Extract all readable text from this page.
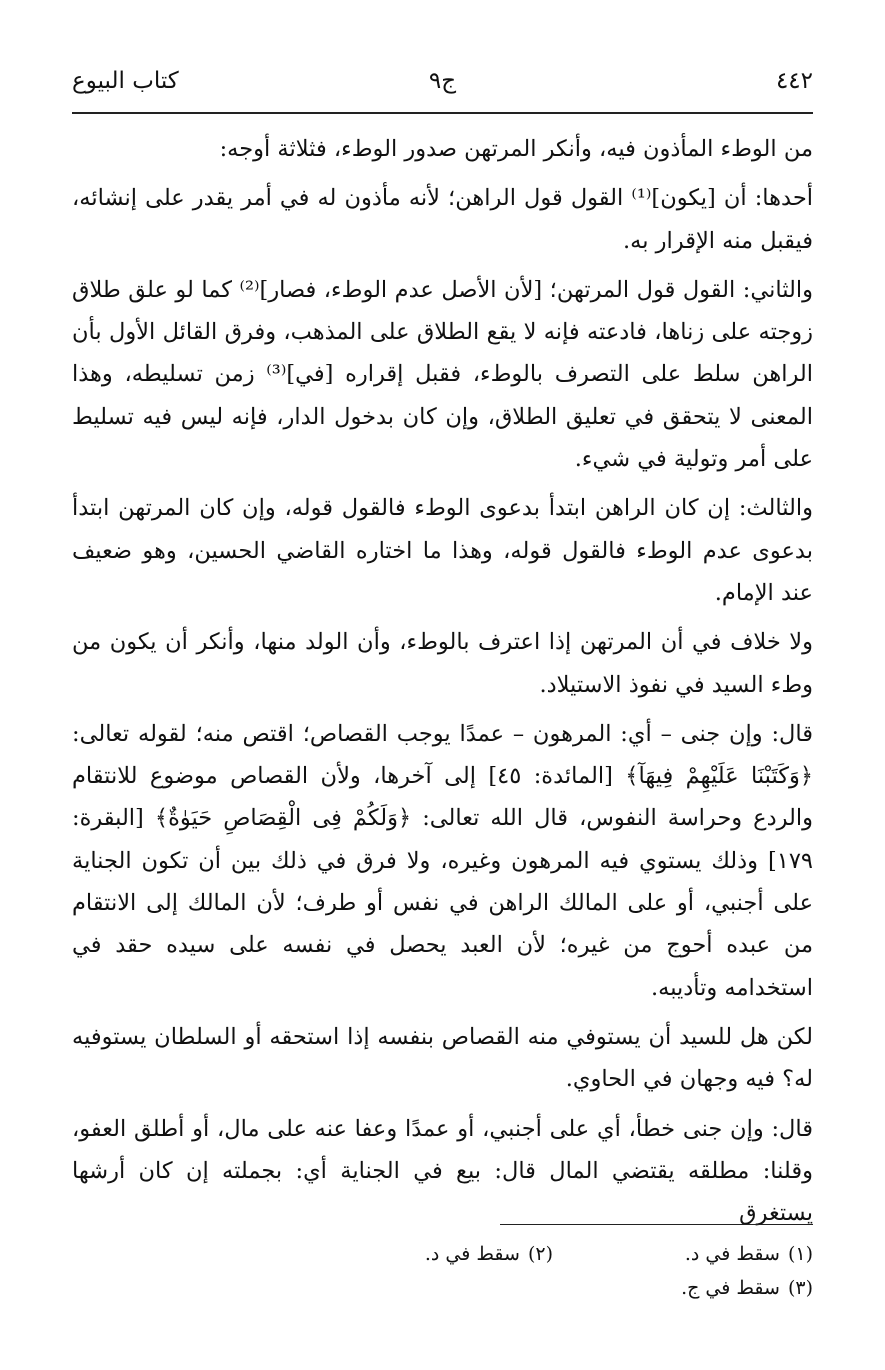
٤٤٢
ج٩
كتاب البيوع

من الوطء المأذون فيه، وأنكر المرتهن صدور الوطء، فثلاثة أوجه:

أحدها: أن [يكون]⁽¹⁾ القول قول الراهن؛ لأنه مأذون له في أمر يقدر على إنشائه، فيقبل منه الإقرار به.

والثاني: القول قول المرتهن؛ [لأن الأصل عدم الوطء، فصار]⁽²⁾ كما لو علق طلاق زوجته على زناها، فادعته فإنه لا يقع الطلاق على المذهب، وفرق القائل الأول بأن الراهن سلط على التصرف بالوطء، فقبل إقراره [في]⁽³⁾ زمن تسليطه، وهذا المعنى لا يتحقق في تعليق الطلاق، وإن كان بدخول الدار، فإنه ليس فيه تسليط على أمر وتولية في شيء.

والثالث: إن كان الراهن ابتدأ بدعوى الوطء فالقول قوله، وإن كان المرتهن ابتدأ بدعوى عدم الوطء فالقول قوله، وهذا ما اختاره القاضي الحسين، وهو ضعيف عند الإمام.

ولا خلاف في أن المرتهن إذا اعترف بالوطء، وأن الولد منها، وأنكر أن يكون من وطء السيد في نفوذ الاستيلاد.

قال: وإن جنى – أي: المرهون – عمدًا يوجب القصاص؛ اقتص منه؛ لقوله تعالى: ﴿وَكَتَبْنَا عَلَيْهِمْ فِيهَآ﴾ [المائدة: ٤٥] إلى آخرها، ولأن القصاص موضوع للانتقام والردع وحراسة النفوس، قال الله تعالى: ﴿وَلَكُمْ فِى الْقِصَاصِ حَيَوٰةٌ﴾ [البقرة: ١٧٩] وذلك يستوي فيه المرهون وغيره، ولا فرق في ذلك بين أن تكون الجناية على أجنبي، أو على المالك الراهن في نفس أو طرف؛ لأن المالك إلى الانتقام من عبده أحوج من غيره؛ لأن العبد يحصل في نفسه على سيده حقد في استخدامه وتأديبه.

لكن هل للسيد أن يستوفي منه القصاص بنفسه إذا استحقه أو السلطان يستوفيه له؟ فيه وجهان في الحاوي.

قال: وإن جنى خطأ، أي على أجنبي، أو عمدًا وعفا عنه على مال، أو أطلق العفو، وقلنا: مطلقه يقتضي المال قال: بيع في الجناية أي: بجملته إن كان أرشها يستغرق

(١)سقط في د.
(٢)سقط في د.
(٣)سقط في ج.
